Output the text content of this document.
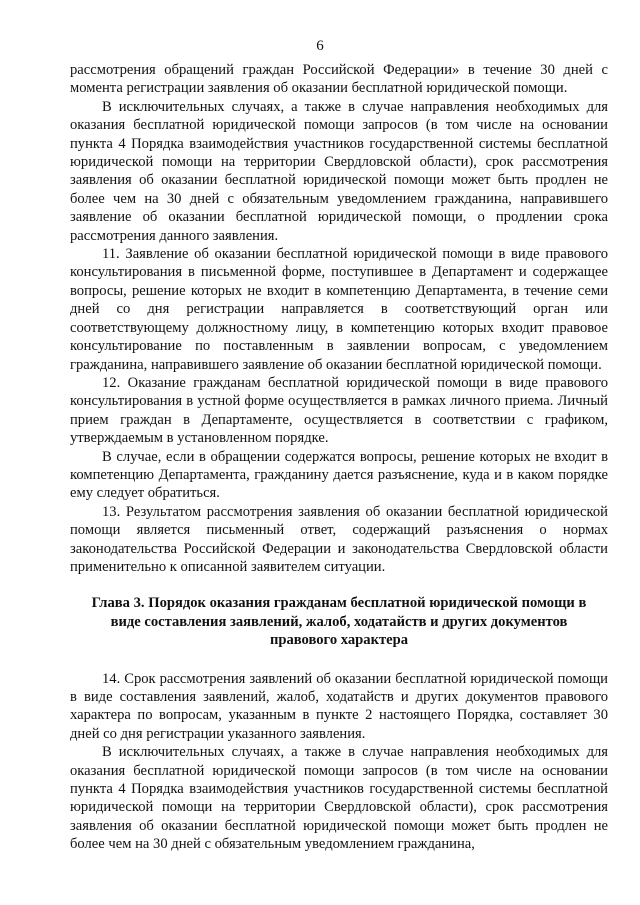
6

рассмотрения обращений граждан Российской Федерации» в течение 30 дней с момента регистрации заявления об оказании бесплатной юридической помощи.

В исключительных случаях, а также в случае направления необходимых для оказания бесплатной юридической помощи запросов (в том числе на основании пункта 4 Порядка взаимодействия участников государственной системы бесплатной юридической помощи на территории Свердловской области), срок рассмотрения заявления об оказании бесплатной юридической помощи может быть продлен не более чем на 30 дней с обязательным уведомлением гражданина, направившего заявление об оказании бесплатной юридической помощи, о продлении срока рассмотрения данного заявления.

11. Заявление об оказании бесплатной юридической помощи в виде правового консультирования в письменной форме, поступившее в Департамент и содержащее вопросы, решение которых не входит в компетенцию Департамента, в течение семи дней со дня регистрации направляется в соответствующий орган или соответствующему должностному лицу, в компетенцию которых входит правовое консультирование по поставленным в заявлении вопросам, с уведомлением гражданина, направившего заявление об оказании бесплатной юридической помощи.

12. Оказание гражданам бесплатной юридической помощи в виде правового консультирования в устной форме осуществляется в рамках личного приема. Личный прием граждан в Департаменте, осуществляется в соответствии с графиком, утверждаемым в установленном порядке.

В случае, если в обращении содержатся вопросы, решение которых не входит в компетенцию Департамента, гражданину дается разъяснение, куда и в каком порядке ему следует обратиться.

13. Результатом рассмотрения заявления об оказании бесплатной юридической помощи является письменный ответ, содержащий разъяснения о нормах законодательства Российской Федерации и законодательства Свердловской области применительно к описанной заявителем ситуации.

Глава 3. Порядок оказания гражданам бесплатной юридической помощи в виде составления заявлений, жалоб, ходатайств и других документов правового характера

14. Срок рассмотрения заявлений об оказании бесплатной юридической помощи в виде составления заявлений, жалоб, ходатайств и других документов правового характера по вопросам, указанным в пункте 2 настоящего Порядка, составляет 30 дней со дня регистрации указанного заявления.

В исключительных случаях, а также в случае направления необходимых для оказания бесплатной юридической помощи запросов (в том числе на основании пункта 4 Порядка взаимодействия участников государственной системы бесплатной юридической помощи на территории Свердловской области), срок рассмотрения заявления об оказании бесплатной юридической помощи может быть продлен не более чем на 30 дней с обязательным уведомлением гражданина,
